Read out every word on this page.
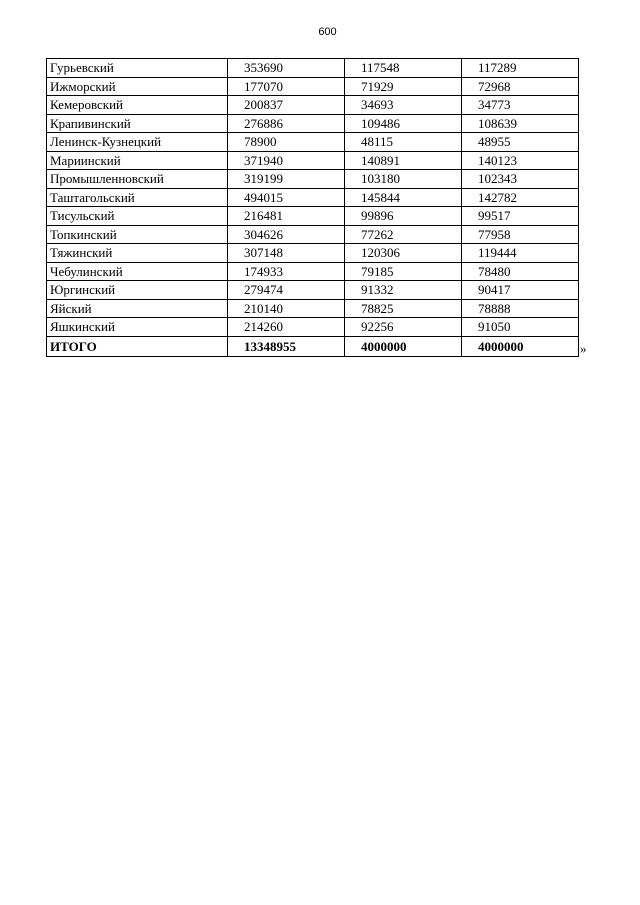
600
Гурьевский	353690	117548	117289
Ижморский	177070	71929	72968
Кемеровский	200837	34693	34773
Крапивинский	276886	109486	108639
Ленинск-Кузнецкий	78900	48115	48955
Мариинский	371940	140891	140123
Промышленновский	319199	103180	102343
Таштагольский	494015	145844	142782
Тисульский	216481	99896	99517
Топкинский	304626	77262	77958
Тяжинский	307148	120306	119444
Чебулинский	174933	79185	78480
Юргинский	279474	91332	90417
Яйский	210140	78825	78888
Яшкинский	214260	92256	91050
ИТОГО	13348955	4000000	4000000	»
